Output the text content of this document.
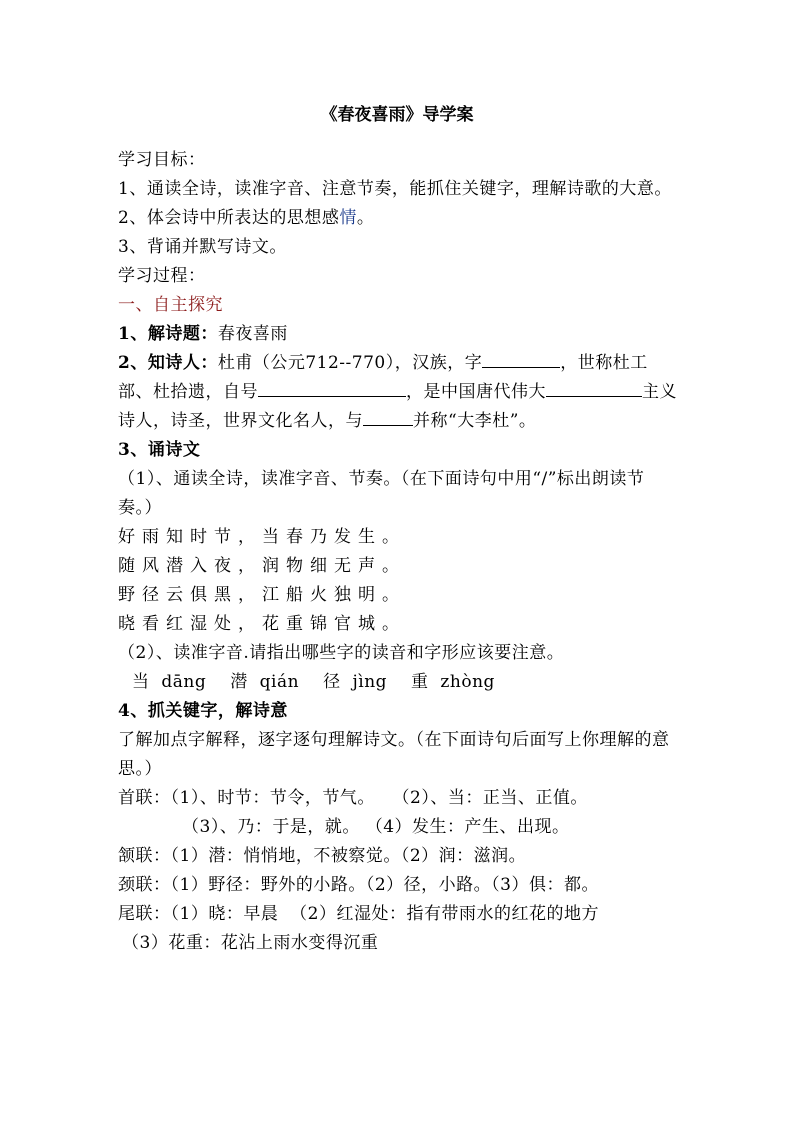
《春夜喜雨》导学案

学习目标：

1、通读全诗，读准字音、注意节奏，能抓住关键字，理解诗歌的大意。

2、体会诗中所表达的思想感情。

3、背诵并默写诗文。

学习过程：

一、自主探究

1、解诗题：春夜喜雨

2、知诗人：杜甫（公元712--770），汉族，字	，世称杜工部、杜拾遗，自号	，是中国唐代伟大	主义诗人，诗圣，世界文化名人，与	并称“大李杜”。

3、诵诗文

（1）、通读全诗，读准字音、节奏。（在下面诗句中用“/”标出朗读节奏。）

好雨知时节，当春乃发生。

随风潜入夜，润物细无声。

野径云俱黑，江船火独明。

晓看红湿处，花重锦官城。

（2）、读准字音.请指出哪些字的读音和字形应该要注意。

当 dāng 潜 qián 径 jìng 重 zhòng

4、抓关键字，解诗意

了解加点字解释，逐字逐句理解诗文。（在下面诗句后面写上你理解的意思。）

首联：（1）、时节：节令，节气。   （2）、当：正当、正值。

（3）、乃：于是，就。 （4）发生：产生、出现。

颔联：（1）潜：悄悄地，不被察觉。（2）润：滋润。

颈联：（1）野径：野外的小路。（2）径，小路。（3）俱：都。

尾联：（1）晓：早晨  （2）红湿处：指有带雨水的红花的地方

（3）花重：花沾上雨水变得沉重
